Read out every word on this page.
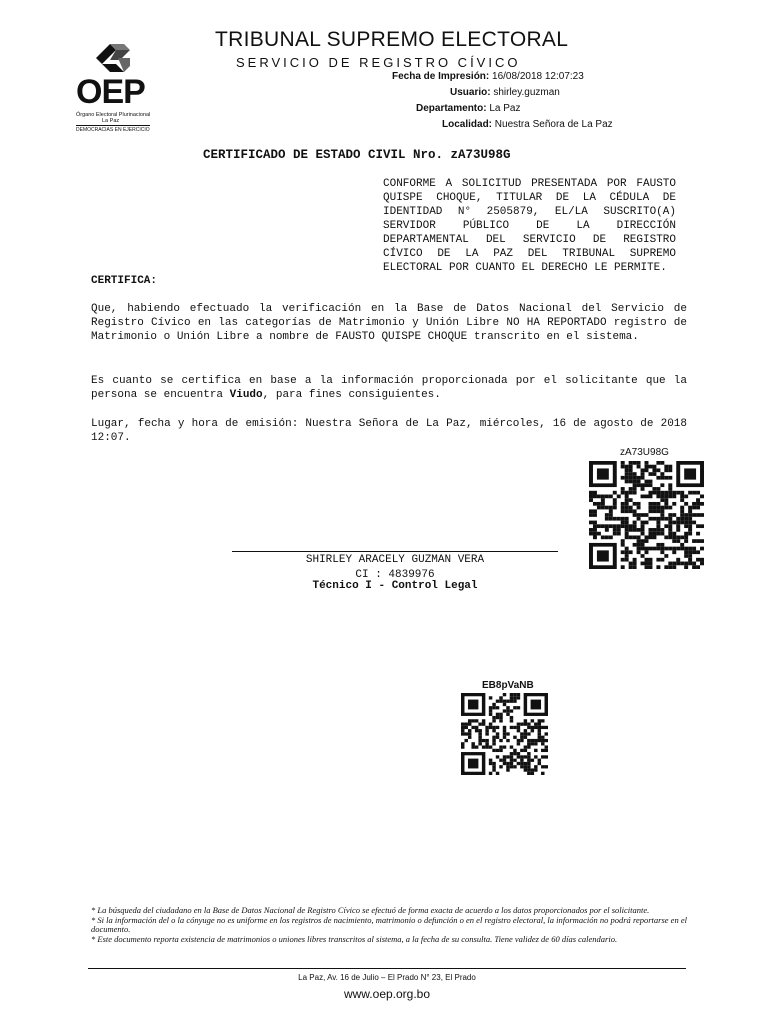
OEP
Órgano Electoral Plurinacional
La Paz
DEMOCRACIAS EN EJERCICIO
TRIBUNAL SUPREMO ELECTORAL
SERVICIO DE REGISTRO CÍVICO
Fecha de Impresión: 16/08/2018 12:07:23
Usuario: shirley.guzman
Departamento: La Paz
Localidad: Nuestra Señora de La Paz
CERTIFICADO DE ESTADO CIVIL Nro. zA73U98G
CONFORME A SOLICITUD PRESENTADA POR FAUSTO QUISPE CHOQUE, TITULAR DE LA CÉDULA DE IDENTIDAD N° 2505879, EL/LA SUSCRITO(A) SERVIDOR PÚBLICO DE LA DIRECCIÓN DEPARTAMENTAL DEL SERVICIO DE REGISTRO CÍVICO DE LA PAZ DEL TRIBUNAL SUPREMO ELECTORAL POR CUANTO EL DERECHO LE PERMITE.
CERTIFICA:
Que, habiendo efectuado la verificación en la Base de Datos Nacional del Servicio de Registro Cívico en las categorías de Matrimonio y Unión Libre NO HA REPORTADO registro de Matrimonio o Unión Libre a nombre de FAUSTO QUISPE CHOQUE transcrito en el sistema.
Es cuanto se certifica en base a la información proporcionada por el solicitante que la persona se encuentra Viudo, para fines consiguientes.
Lugar, fecha y hora de emisión: Nuestra Señora de La Paz, miércoles, 16 de agosto de 2018 12:07.
zA73U98G
SHIRLEY ARACELY GUZMAN VERA
CI : 4839976
Técnico I - Control Legal
EB8pVaNB
* La búsqueda del ciudadano en la Base de Datos Nacional de Registro Cívico se efectuó de forma exacta de acuerdo a los datos proporcionados por el solicitante.
* Si la información del o la cónyuge no es uniforme en los registros de nacimiento, matrimonio o defunción o en el registro electoral, la información no podrá reportarse en el documento.
* Este documento reporta existencia de matrimonios o uniones libres transcritos al sistema, a la fecha de su consulta. Tiene validez de 60 días calendario.
La Paz, Av. 16 de Julio – El Prado N° 23, El Prado
www.oep.org.bo
